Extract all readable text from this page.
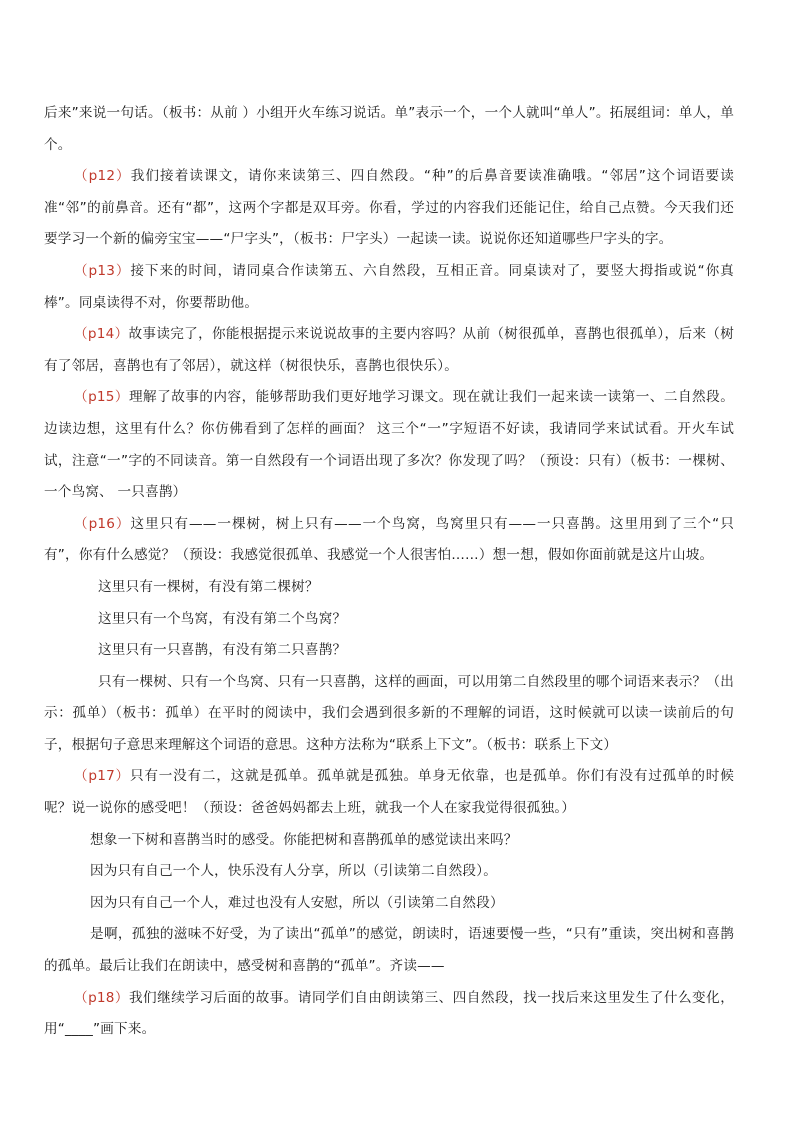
后来”来说一句话。（板书：从前 ）小组开火车练习说话。单”表示一个，一个人就叫“单人”。拓展组词：单人，单个。

（p12）我们接着读课文，请你来读第三、四自然段。“种”的后鼻音要读准确哦。“邻居”这个词语要读准“邻”的前鼻音。还有“都”，这两个字都是双耳旁。你看，学过的内容我们还能记住，给自己点赞。今天我们还要学习一个新的偏旁宝宝——“尸字头”，（板书：尸字头）一起读一读。说说你还知道哪些尸字头的字。

（p13）接下来的时间，请同桌合作读第五、六自然段，互相正音。同桌读对了，要竖大拇指或说“你真棒”。同桌读得不对，你要帮助他。

（p14）故事读完了，你能根据提示来说说故事的主要内容吗？从前（树很孤单，喜鹊也很孤单），后来（树有了邻居，喜鹊也有了邻居），就这样（树很快乐，喜鹊也很快乐）。

（p15）理解了故事的内容，能够帮助我们更好地学习课文。现在就让我们一起来读一读第一、二自然段。边读边想，这里有什么？你仿佛看到了怎样的画面？ 这三个“一”字短语不好读，我请同学来试试看。开火车试试，注意“一”字的不同读音。第一自然段有一个词语出现了多次？你发现了吗？（预设：只有）（板书：一棵树、 一个鸟窝、 一只喜鹊）

（p16）这里只有——一棵树，树上只有——一个鸟窝，鸟窝里只有——一只喜鹊。这里用到了三个“只有”，你有什么感觉？（预设：我感觉很孤单、我感觉一个人很害怕……）想一想，假如你面前就是这片山坡。

这里只有一棵树，有没有第二棵树？

这里只有一个鸟窝，有没有第二个鸟窝？

这里只有一只喜鹊，有没有第二只喜鹊？

只有一棵树、只有一个鸟窝、只有一只喜鹊，这样的画面，可以用第二自然段里的哪个词语来表示？（出示：孤单）（板书：孤单）在平时的阅读中，我们会遇到很多新的不理解的词语，这时候就可以读一读前后的句子，根据句子意思来理解这个词语的意思。这种方法称为“联系上下文”。（板书：联系上下文）

（p17）只有一没有二，这就是孤单。孤单就是孤独。单身无依靠，也是孤单。你们有没有过孤单的时候呢？说一说你的感受吧！（预设：爸爸妈妈都去上班，就我一个人在家我觉得很孤独。）

想象一下树和喜鹊当时的感受。你能把树和喜鹊孤单的感觉读出来吗？

因为只有自己一个人，快乐没有人分享，所以（引读第二自然段）。

因为只有自己一个人，难过也没有人安慰，所以（引读第二自然段）

是啊，孤独的滋味不好受，为了读出“孤单”的感觉，朗读时，语速要慢一些，“只有”重读，突出树和喜鹊的孤单。最后让我们在朗读中，感受树和喜鹊的“孤单”。齐读——

（p18）我们继续学习后面的故事。请同学们自由朗读第三、四自然段，找一找后来这里发生了什么变化，用“____”画下来。
